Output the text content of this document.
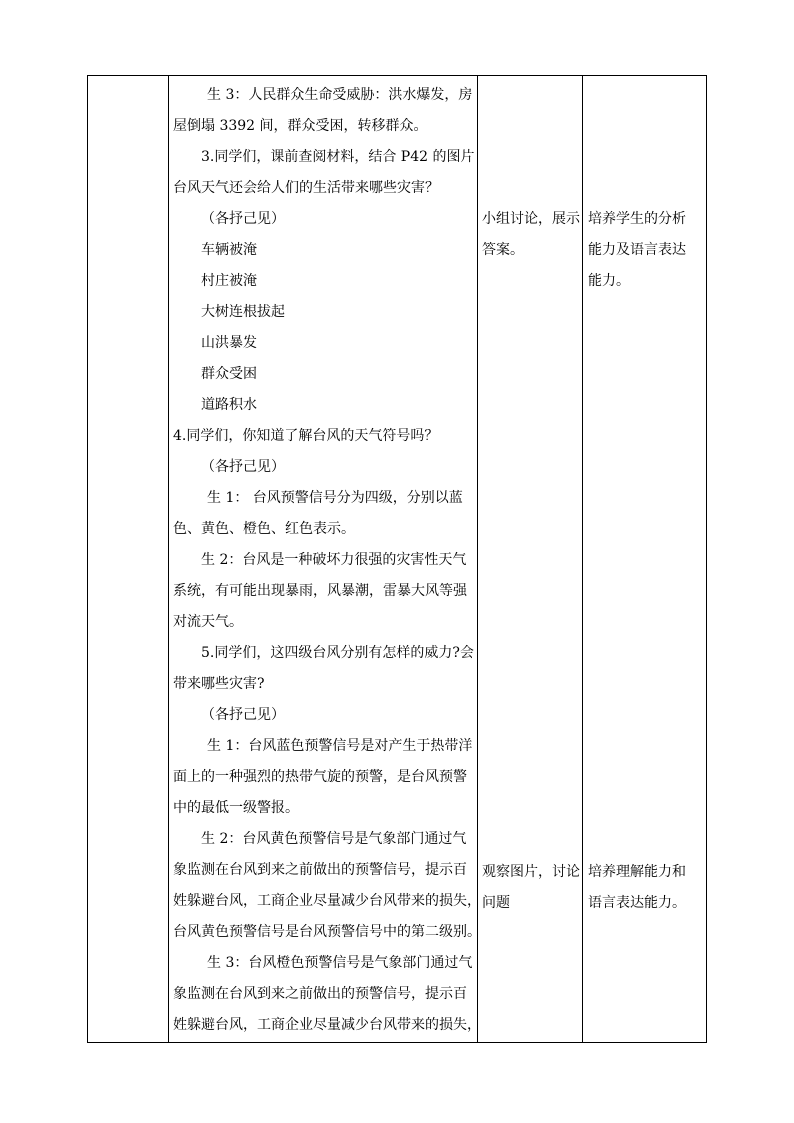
生 3：人民群众生命受威胁：洪水爆发，房
屋倒塌 3392 间，群众受困，转移群众。
3.同学们，课前查阅材料，结合 P42 的图片
台风天气还会给人们的生活带来哪些灾害？
（各抒己见）
车辆被淹
村庄被淹
大树连根拔起
山洪暴发
群众受困
道路积水
4.同学们，你知道了解台风的天气符号吗？
（各抒己见）
生 1： 台风预警信号分为四级，分别以蓝
色、黄色、橙色、红色表示。
生 2：台风是一种破坏力很强的灾害性天气
系统，有可能出现暴雨，风暴潮，雷暴大风等强
对流天气。
5.同学们，这四级台风分别有怎样的威力?会
带来哪些灾害?
（各抒己见）
生 1：台风蓝色预警信号是对产生于热带洋
面上的一种强烈的热带气旋的预警，是台风预警
中的最低一级警报。
生 2：台风黄色预警信号是气象部门通过气
象监测在台风到来之前做出的预警信号，提示百
姓躲避台风，工商企业尽量减少台风带来的损失，
台风黄色预警信号是台风预警信号中的第二级别。
生 3：台风橙色预警信号是气象部门通过气
象监测在台风到来之前做出的预警信号，提示百
姓躲避台风，工商企业尽量减少台风带来的损失，
小组讨论，展示
答案。
培养学生的分析
能力及语言表达
能力。
观察图片，讨论
问题
培养理解能力和
语言表达能力。
